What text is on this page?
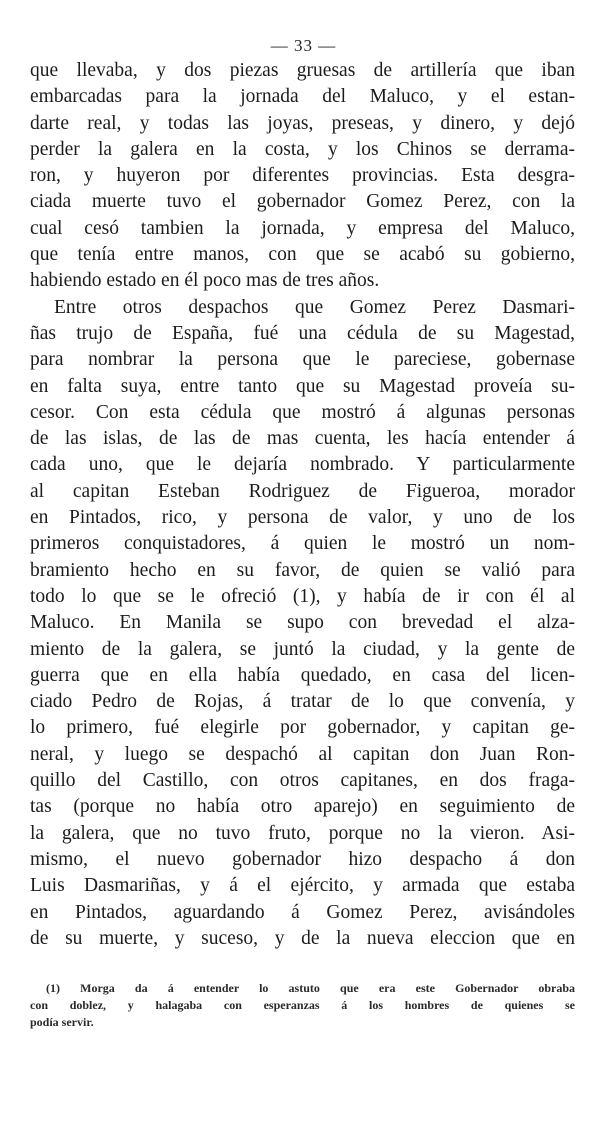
— 33 —
que llevaba, y dos piezas gruesas de artillería que iban
embarcadas para la jornada del Maluco, y el estan-
darte real, y todas las joyas, preseas, y dinero, y dejó
perder la galera en la costa, y los Chinos se derrama-
ron, y huyeron por diferentes provincias. Esta desgra-
ciada muerte tuvo el gobernador Gomez Perez, con la
cual cesó tambien la jornada, y empresa del Maluco,
que tenía entre manos, con que se acabó su gobierno,
habiendo estado en él poco mas de tres años.
Entre otros despachos que Gomez Perez Dasmari-
ñas trujo de España, fué una cédula de su Magestad,
para nombrar la persona que le pareciese, gobernase
en falta suya, entre tanto que su Magestad proveía su-
cesor. Con esta cédula que mostró á algunas personas
de las islas, de las de mas cuenta, les hacía entender á
cada uno, que le dejaría nombrado. Y particularmente
al capitan Esteban Rodriguez de Figueroa, morador
en Pintados, rico, y persona de valor, y uno de los
primeros conquistadores, á quien le mostró un nom-
bramiento hecho en su favor, de quien se valió para
todo lo que se le ofreció (1), y había de ir con él al
Maluco. En Manila se supo con brevedad el alza-
miento de la galera, se juntó la ciudad, y la gente de
guerra que en ella había quedado, en casa del licen-
ciado Pedro de Rojas, á tratar de lo que convenía, y
lo primero, fué elegirle por gobernador, y capitan ge-
neral, y luego se despachó al capitan don Juan Ron-
quillo del Castillo, con otros capitanes, en dos fraga-
tas (porque no había otro aparejo) en seguimiento de
la galera, que no tuvo fruto, porque no la vieron. Asi-
mismo, el nuevo gobernador hizo despacho á don
Luis Dasmariñas, y á el ejército, y armada que estaba
en Pintados, aguardando á Gomez Perez, avisándoles
de su muerte, y suceso, y de la nueva eleccion que en
(1) Morga da á entender lo astuto que era este Gobernador obraba
con doblez, y halagaba con esperanzas á los hombres de quienes se
podía servir.
